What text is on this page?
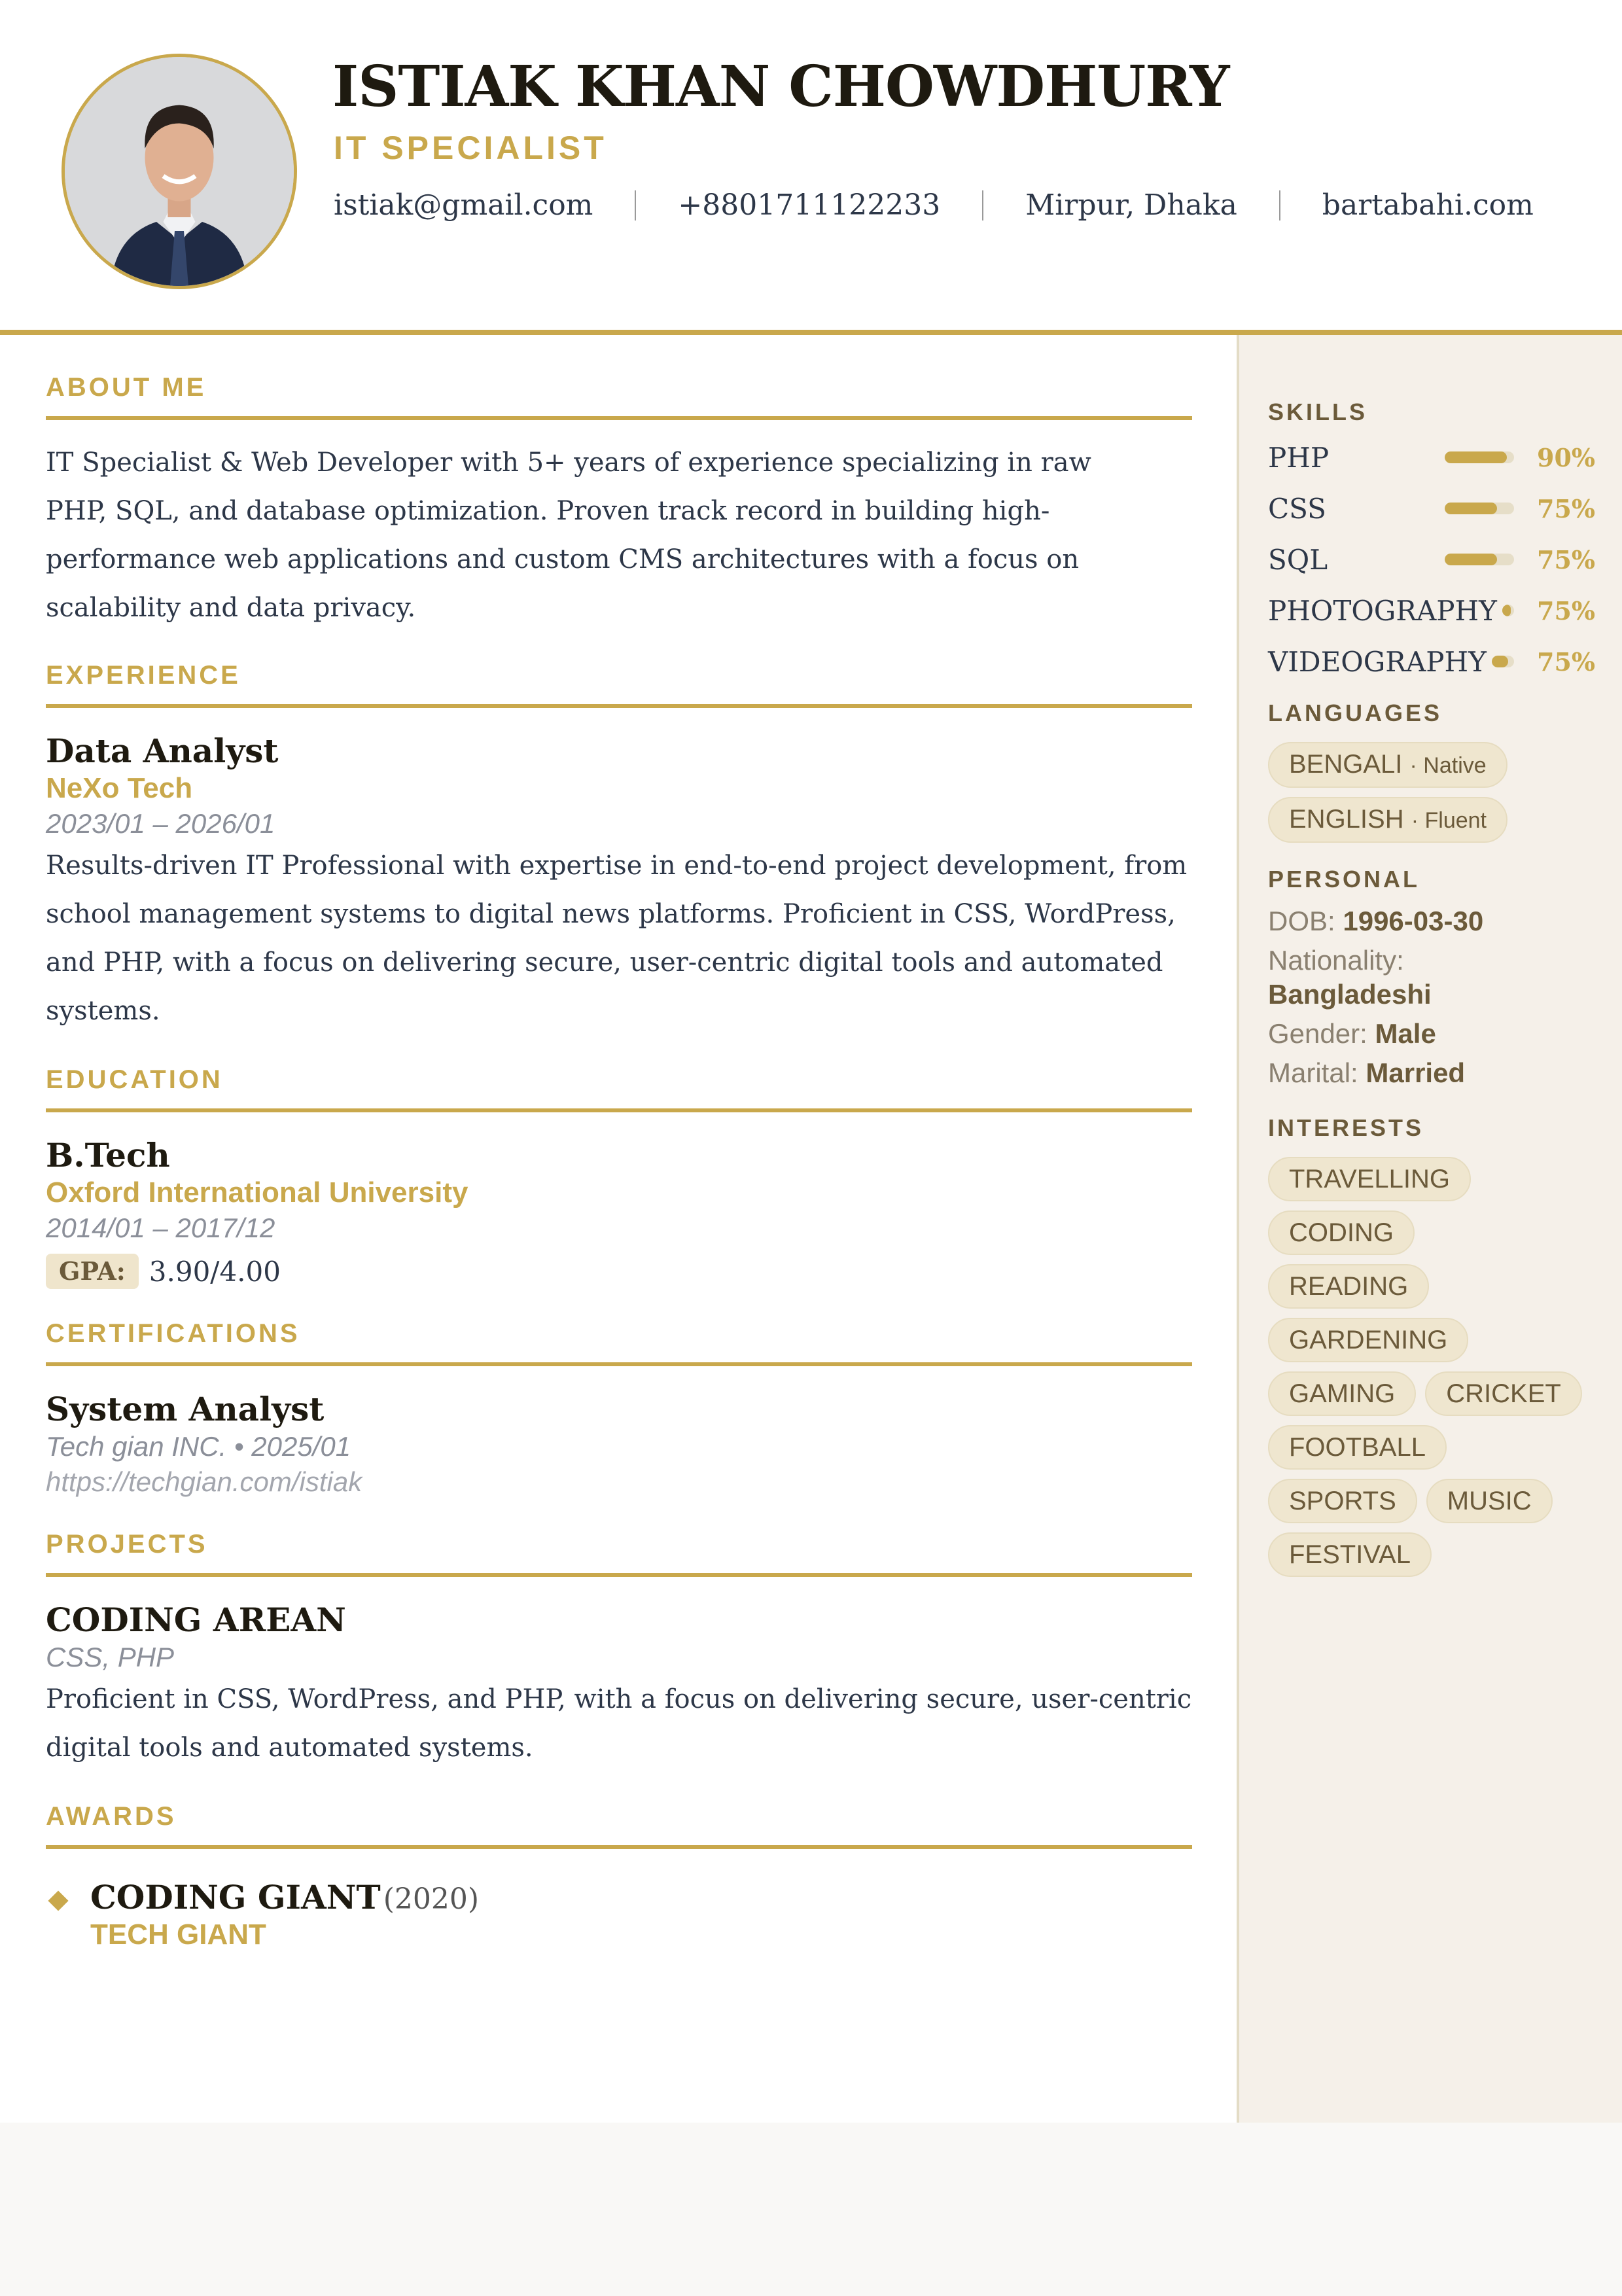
ISTIAK KHAN CHOWDHURY
IT SPECIALIST
istiak@gmail.com	+8801711122233	Mirpur, Dhaka	bartabahi.com
ABOUT ME
IT Specialist & Web Developer with 5+ years of experience specializing in raw PHP, SQL, and database optimization. Proven track record in building high-performance web applications and custom CMS architectures with a focus on scalability and data privacy.
EXPERIENCE
Data Analyst
NeXo Tech
2023/01 – 2026/01
Results-driven IT Professional with expertise in end-to-end project development, from school management systems to digital news platforms. Proficient in CSS, WordPress, and PHP, with a focus on delivering secure, user-centric digital tools and automated systems.
EDUCATION
B.Tech
Oxford International University
2014/01 – 2017/12
GPA: 3.90/4.00
CERTIFICATIONS
System Analyst
Tech gian INC. • 2025/01
https://techgian.com/istiak
PROJECTS
CODING AREAN
CSS, PHP
Proficient in CSS, WordPress, and PHP, with a focus on delivering secure, user-centric digital tools and automated systems.
AWARDS
CODING GIANT (2020)
TECH GIANT
SKILLS
PHP	90%
CSS	75%
SQL	75%
PHOTOGRAPHY	75%
VIDEOGRAPHY	75%
LANGUAGES
BENGALI · Native
ENGLISH · Fluent
PERSONAL
DOB: 1996-03-30
Nationality:
Bangladeshi
Gender: Male
Marital: Married
INTERESTS
TRAVELLING
CODING
READING
GARDENING
GAMING CRICKET
FOOTBALL
SPORTS MUSIC
FESTIVAL
